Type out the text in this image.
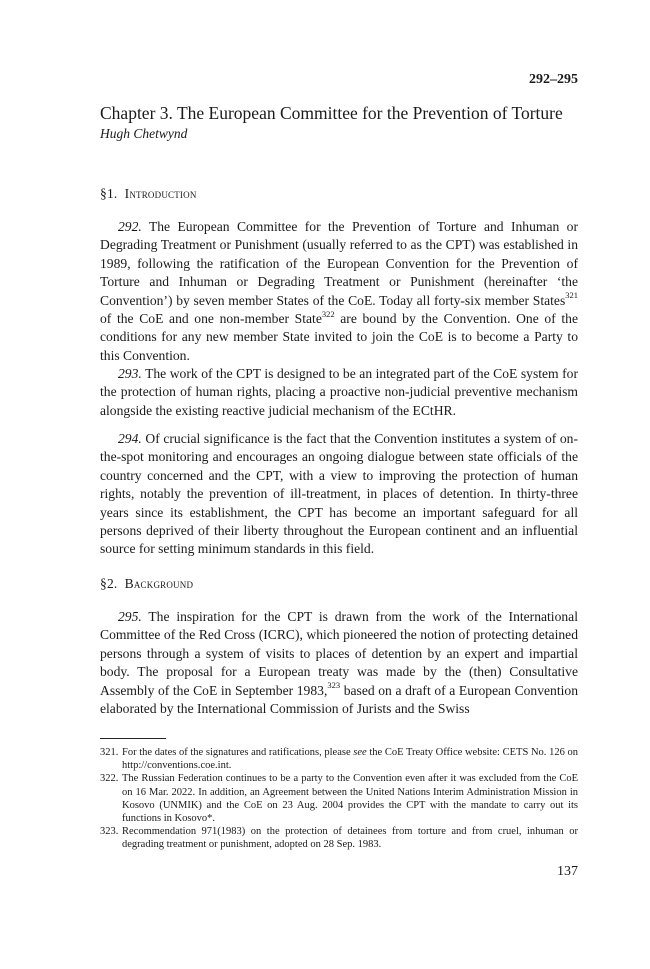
292–295
Chapter 3. The European Committee for the Prevention of Torture
Hugh Chetwynd
§1. Introduction

292. The European Committee for the Prevention of Torture and Inhuman or Degrading Treatment or Punishment (usually referred to as the CPT) was established in 1989, following the ratification of the European Convention for the Prevention of Torture and Inhuman or Degrading Treatment or Punishment (hereinafter ‘the Convention’) by seven member States of the CoE. Today all forty-six member States$^{321}$ of the CoE and one non-member State$^{322}$ are bound by the Convention. One of the conditions for any new member State invited to join the CoE is to become a Party to this Convention.

293. The work of the CPT is designed to be an integrated part of the CoE system for the protection of human rights, placing a proactive non-judicial preventive mechanism alongside the existing reactive judicial mechanism of the ECtHR.

294. Of crucial significance is the fact that the Convention institutes a system of on-the-spot monitoring and encourages an ongoing dialogue between state officials of the country concerned and the CPT, with a view to improving the protection of human rights, notably the prevention of ill-treatment, in places of detention. In thirty-three years since its establishment, the CPT has become an important safeguard for all persons deprived of their liberty throughout the European continent and an influential source for setting minimum standards in this field.

§2. Background

295. The inspiration for the CPT is drawn from the work of the International Committee of the Red Cross (ICRC), which pioneered the notion of protecting detained persons through a system of visits to places of detention by an expert and impartial body. The proposal for a European treaty was made by the (then) Consultative Assembly of the CoE in September 1983,$^{323}$ based on a draft of a European Convention elaborated by the International Commission of Jurists and the Swiss

321. For the dates of the signatures and ratifications, please see the CoE Treaty Office website: CETS No. 126 on http://conventions.coe.int.
322. The Russian Federation continues to be a party to the Convention even after it was excluded from the CoE on 16 Mar. 2022. In addition, an Agreement between the United Nations Interim Administration Mission in Kosovo (UNMIK) and the CoE on 23 Aug. 2004 provides the CPT with the mandate to carry out its functions in Kosovo*.
323. Recommendation 971(1983) on the protection of detainees from torture and from cruel, inhuman or degrading treatment or punishment, adopted on 28 Sep. 1983.
137
